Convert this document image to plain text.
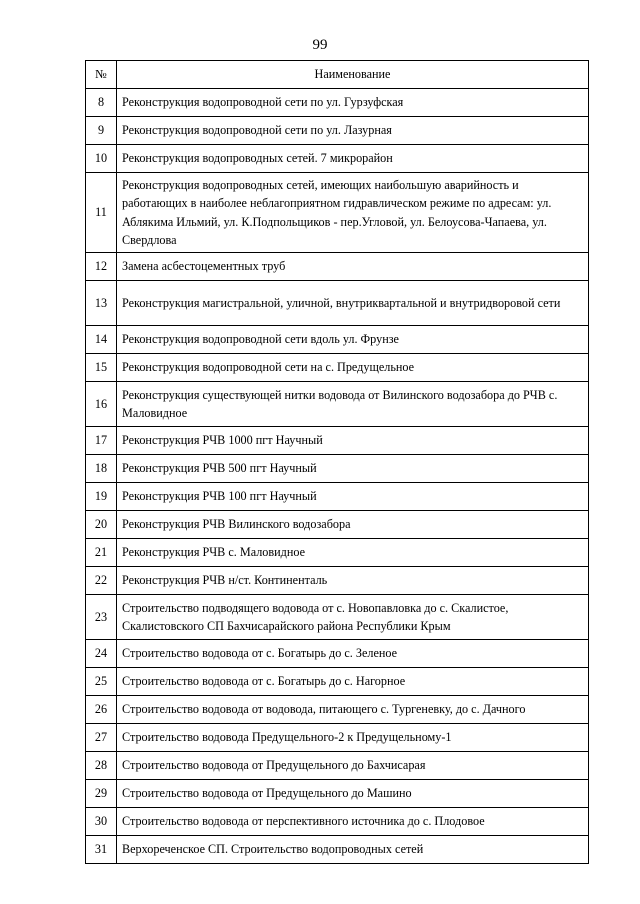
99
№	Наименование
8	Реконструкция водопроводной сети по ул. Гурзуфская
9	Реконструкция водопроводной сети по ул. Лазурная
10	Реконструкция водопроводных сетей. 7 микрорайон
11	Реконструкция водопроводных сетей, имеющих наибольшую аварийность и работающих в наиболее неблагоприятном гидравлическом режиме по адресам: ул. Аблякима Ильмий, ул. К.Подпольщиков - пер.Угловой, ул. Белоусова-Чапаева, ул. Свердлова
12	Замена асбестоцементных труб
13	Реконструкция магистральной, уличной, внутриквартальной и внутридворовой сети
14	Реконструкция водопроводной сети вдоль ул. Фрунзе
15	Реконструкция водопроводной сети на с. Предущельное
16	Реконструкция существующей нитки водовода от Вилинского водозабора до РЧВ с. Маловидное
17	Реконструкция РЧВ 1000 пгт Научный
18	Реконструкция РЧВ 500 пгт Научный
19	Реконструкция РЧВ 100 пгт Научный
20	Реконструкция РЧВ Вилинского водозабора
21	Реконструкция РЧВ с. Маловидное
22	Реконструкция РЧВ н/ст. Континенталь
23	Строительство подводящего водовода от с. Новопавловка до с. Скалистое, Скалистовского СП Бахчисарайского района Республики Крым
24	Строительство водовода от с. Богатырь до с. Зеленое
25	Строительство водовода от с. Богатырь до с. Нагорное
26	Строительство водовода от водовода, питающего с. Тургеневку, до с. Дачного
27	Строительство водовода Предущельного-2 к Предущельному-1
28	Строительство водовода от Предущельного до Бахчисарая
29	Строительство водовода от Предущельного до Машино
30	Строительство водовода от перспективного источника до с. Плодовое
31	Верхореченское СП. Строительство водопроводных сетей
